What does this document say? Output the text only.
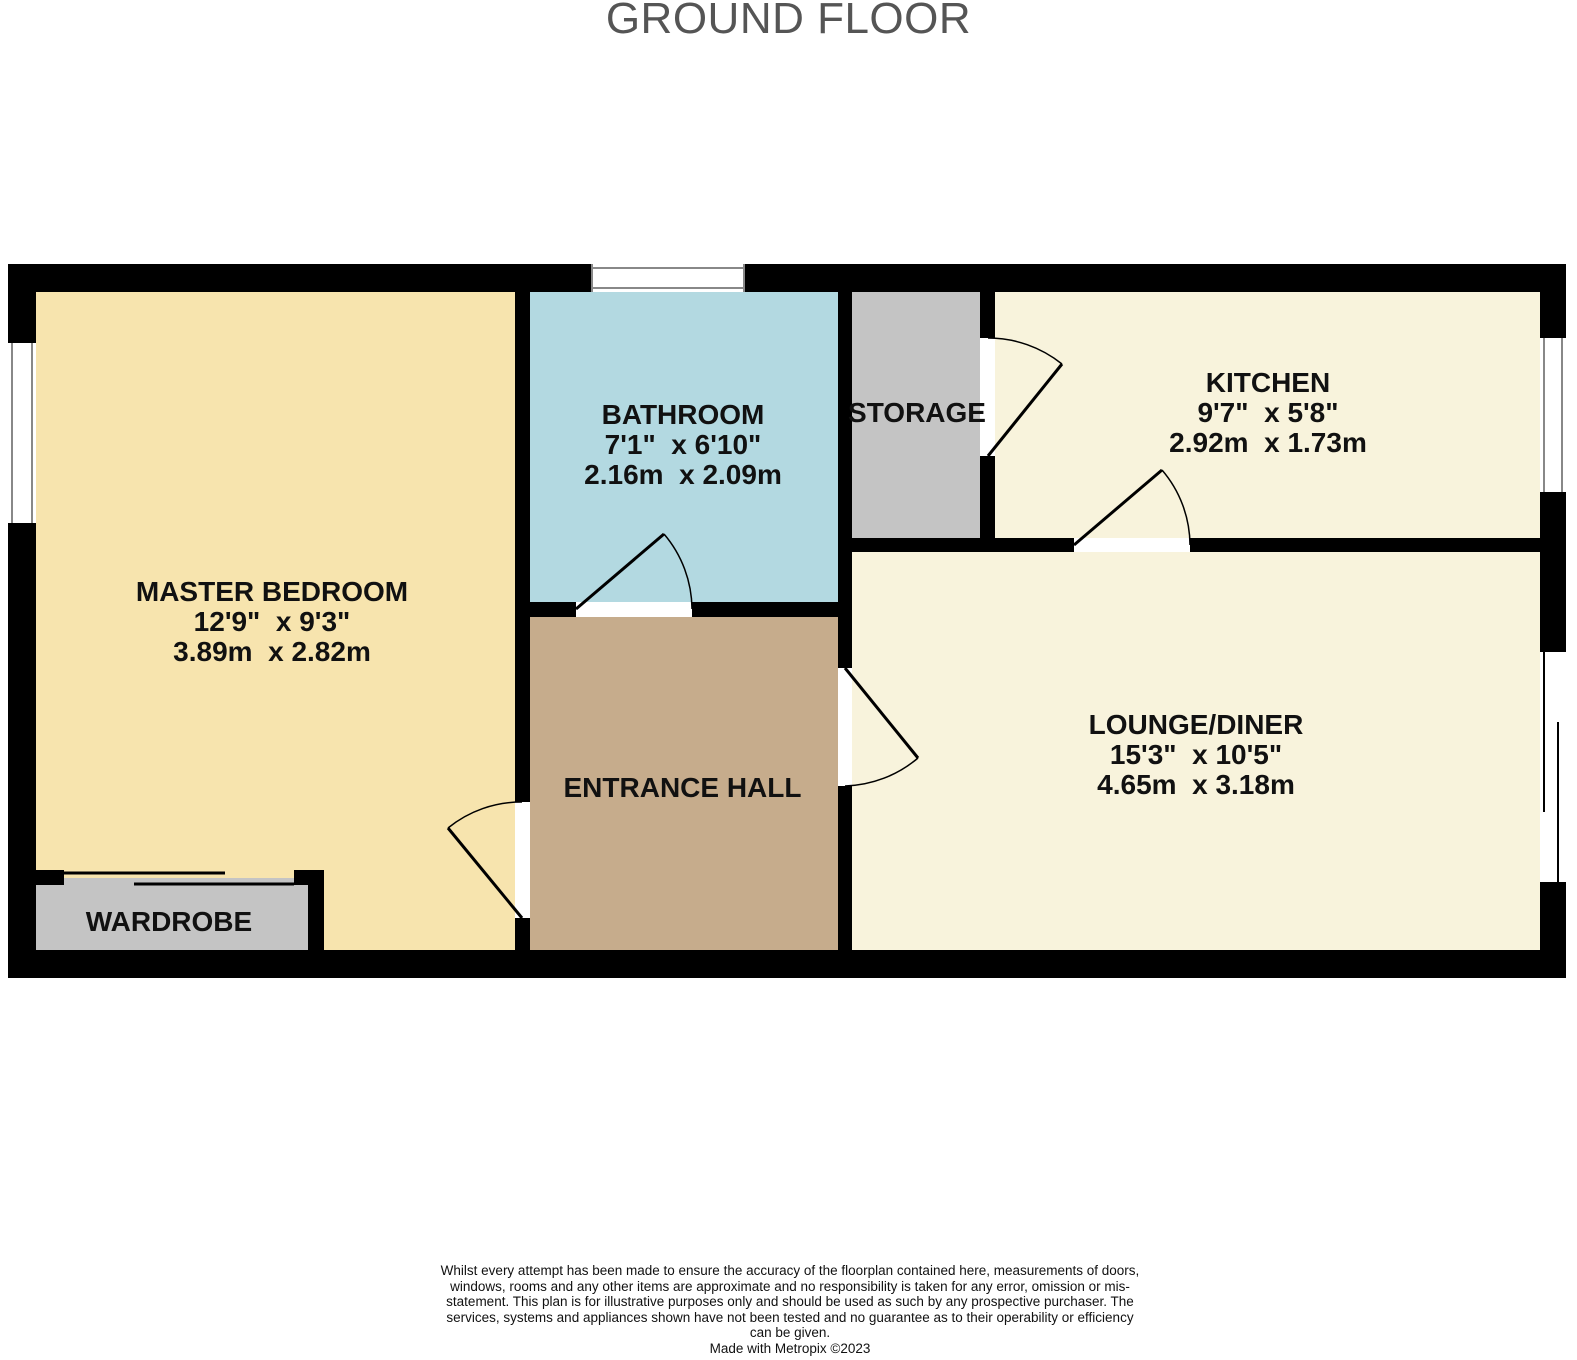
GROUND FLOOR
MASTER BEDROOM
12'9"  x 9'3"
3.89m  x 2.82m
BATHROOM
7'1"  x 6'10"
2.16m  x 2.09m
ENTRANCE HALL
STORAGE
KITCHEN
9'7"  x 5'8"
2.92m  x 1.73m
LOUNGE/DINER
15'3"  x 10'5"
4.65m  x 3.18m
WARDROBE
Whilst every attempt has been made to ensure the accuracy of the floorplan contained here, measurements of doors, windows, rooms and any other items are approximate and no responsibility is taken for any error, omission or mis-statement. This plan is for illustrative purposes only and should be used as such by any prospective purchaser. The services, systems and appliances shown have not been tested and no guarantee as to their operability or efficiency can be given.
Made with Metropix ©2023
